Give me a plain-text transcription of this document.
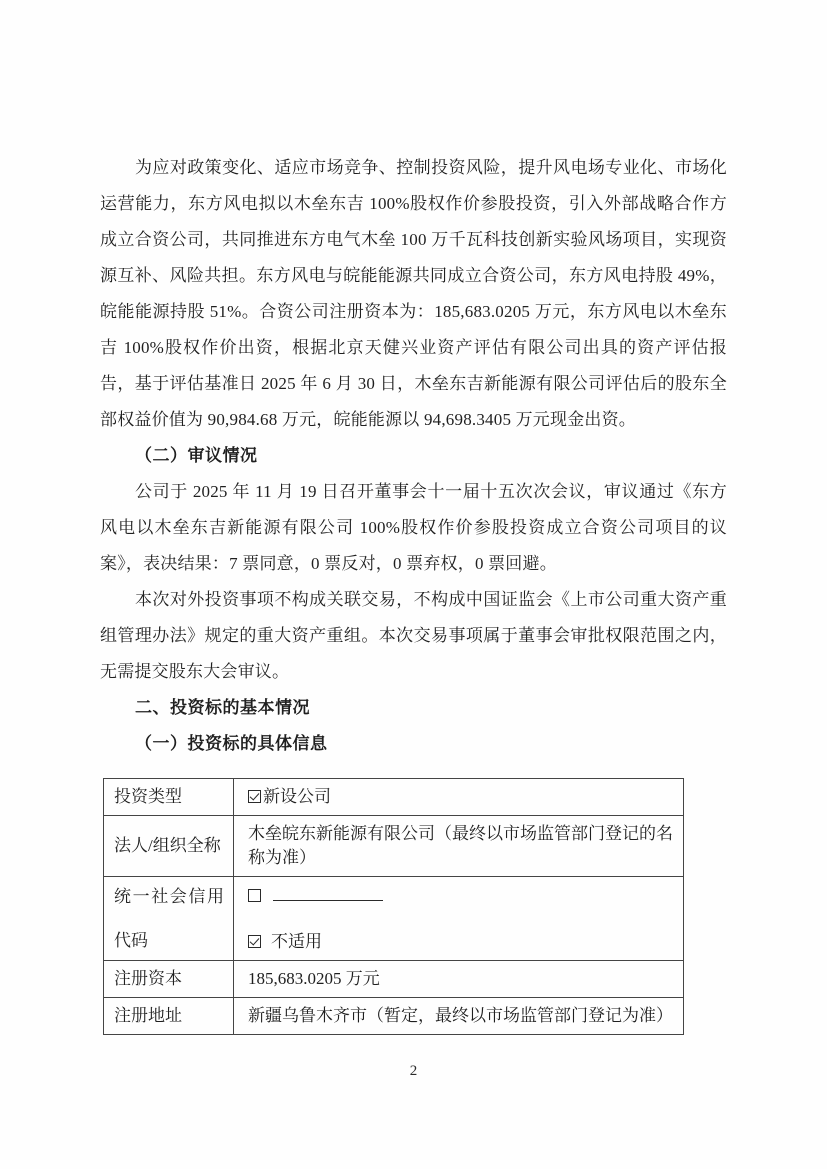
为应对政策变化、适应市场竞争、控制投资风险，提升风电场专业化、市场化运营能力，东方风电拟以木垒东吉 100%股权作价参股投资，引入外部战略合作方成立合资公司，共同推进东方电气木垒 100 万千瓦科技创新实验风场项目，实现资源互补、风险共担。东方风电与皖能能源共同成立合资公司，东方风电持股 49%，皖能能源持股 51%。合资公司注册资本为：185,683.0205 万元，东方风电以木垒东吉 100%股权作价出资，根据北京天健兴业资产评估有限公司出具的资产评估报告，基于评估基准日 2025 年 6 月 30 日，木垒东吉新能源有限公司评估后的股东全部权益价值为 90,984.68 万元，皖能能源以 94,698.3405 万元现金出资。

（二）审议情况

公司于 2025 年 11 月 19 日召开董事会十一届十五次次会议，审议通过《东方风电以木垒东吉新能源有限公司 100%股权作价参股投资成立合资公司项目的议案》，表决结果：7 票同意，0 票反对，0 票弃权，0 票回避。

本次对外投资事项不构成关联交易，不构成中国证监会《上市公司重大资产重组管理办法》规定的重大资产重组。本次交易事项属于董事会审批权限范围之内，无需提交股东大会审议。

二、投资标的基本情况
（一）投资标的具体信息
投资类型	新设公司
法人/组织全称	木垒皖东新能源有限公司（最终以市场监管部门登记的名称为准）

统一社会信用
代码	不适用

注册资本	185,683.0205 万元
注册地址	新疆乌鲁木齐市（暂定，最终以市场监管部门登记为准）
2
